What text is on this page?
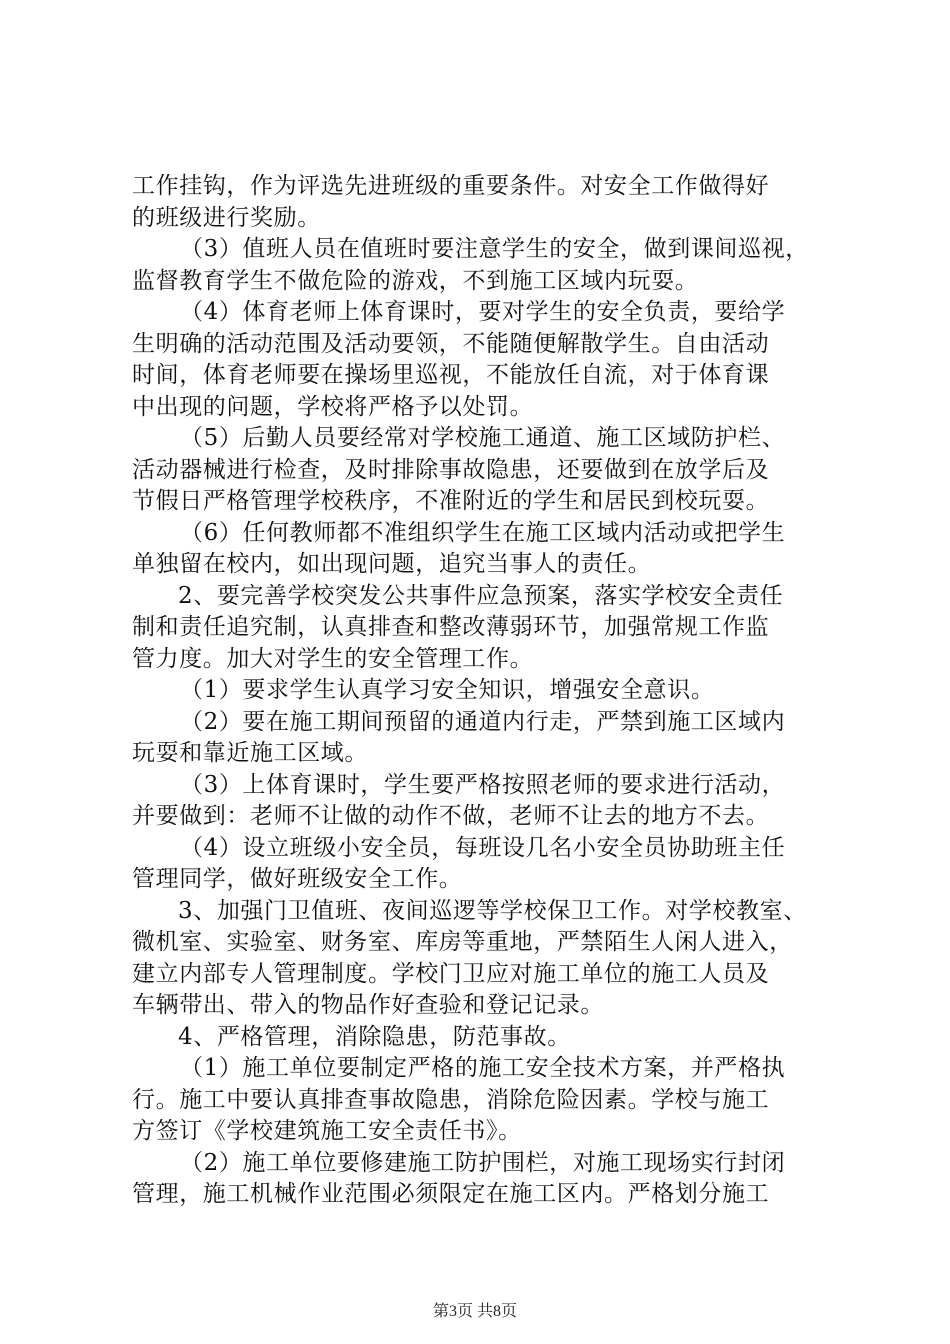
工作挂钩，作为评选先进班级的重要条件。对安全工作做得好
的班级进行奖励。
（3）值班人员在值班时要注意学生的安全，做到课间巡视，
监督教育学生不做危险的游戏，不到施工区域内玩耍。
（4）体育老师上体育课时，要对学生的安全负责，要给学
生明确的活动范围及活动要领，不能随便解散学生。自由活动
时间，体育老师要在操场里巡视，不能放任自流，对于体育课
中出现的问题，学校将严格予以处罚。
（5）后勤人员要经常对学校施工通道、施工区域防护栏、
活动器械进行检查，及时排除事故隐患，还要做到在放学后及
节假日严格管理学校秩序，不准附近的学生和居民到校玩耍。
（6）任何教师都不准组织学生在施工区域内活动或把学生
单独留在校内，如出现问题，追究当事人的责任。
2、要完善学校突发公共事件应急预案，落实学校安全责任
制和责任追究制，认真排查和整改薄弱环节，加强常规工作监
管力度。加大对学生的安全管理工作。
（1）要求学生认真学习安全知识，增强安全意识。
（2）要在施工期间预留的通道内行走，严禁到施工区域内
玩耍和靠近施工区域。
（3）上体育课时，学生要严格按照老师的要求进行活动，
并要做到：老师不让做的动作不做，老师不让去的地方不去。
（4）设立班级小安全员，每班设几名小安全员协助班主任
管理同学，做好班级安全工作。
3、加强门卫值班、夜间巡逻等学校保卫工作。对学校教室、
微机室、实验室、财务室、库房等重地，严禁陌生人闲人进入，
建立内部专人管理制度。学校门卫应对施工单位的施工人员及
车辆带出、带入的物品作好查验和登记记录。
4、严格管理，消除隐患，防范事故。
（1）施工单位要制定严格的施工安全技术方案，并严格执
行。施工中要认真排查事故隐患，消除危险因素。学校与施工
方签订《学校建筑施工安全责任书》。
（2）施工单位要修建施工防护围栏，对施工现场实行封闭
管理，施工机械作业范围必须限定在施工区内。严格划分施工
第3页 共8页
